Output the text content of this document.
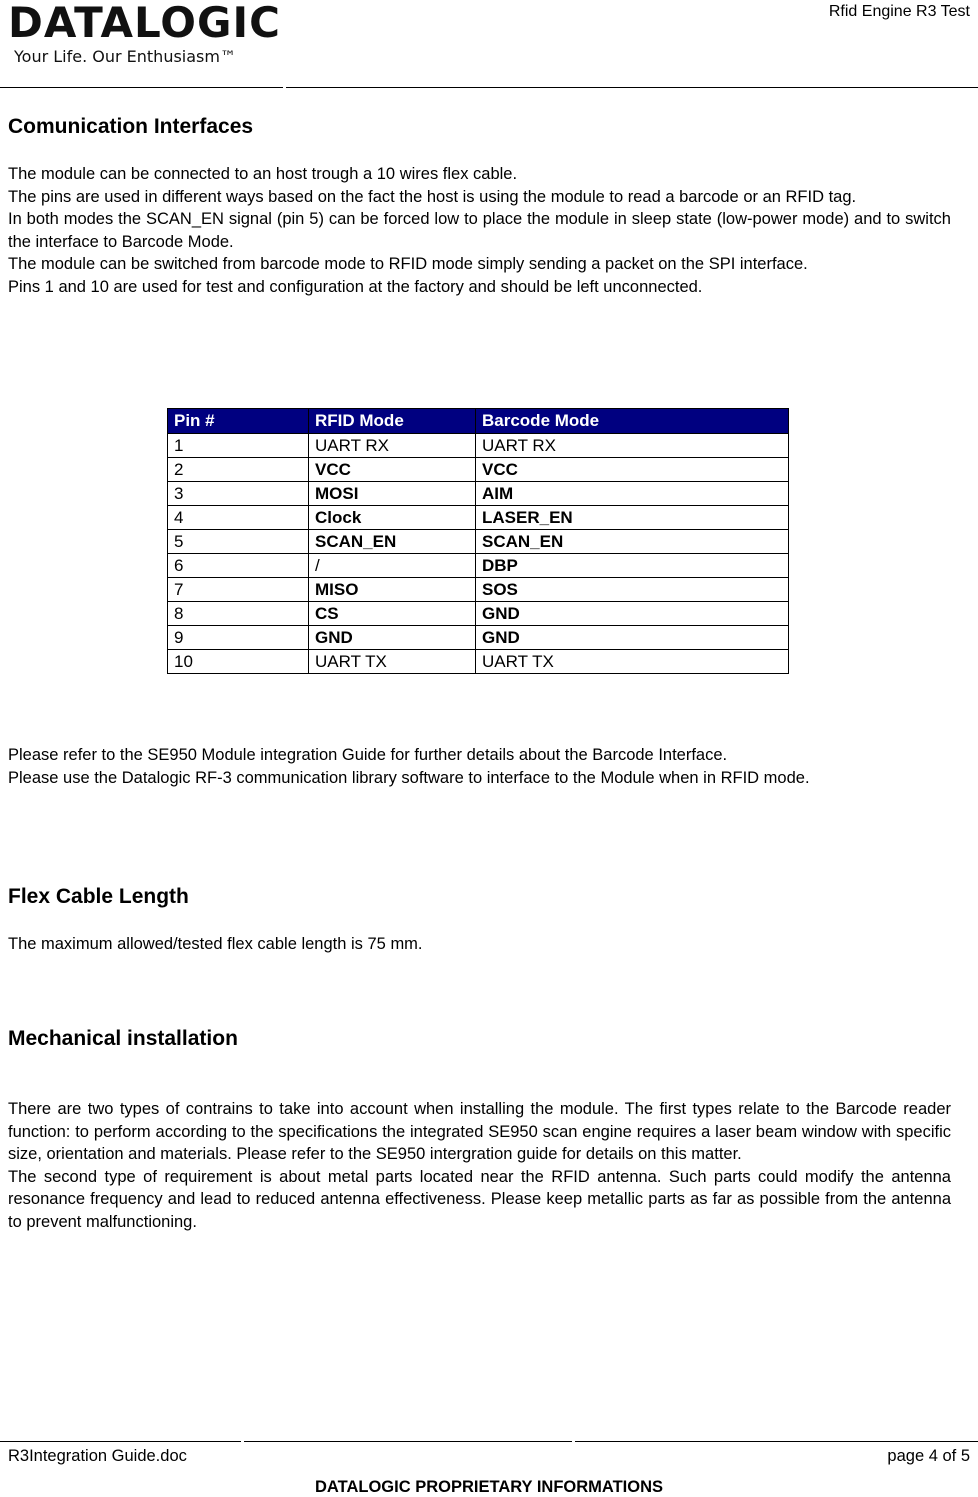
DATALOGIC
Your Life. Our Enthusiasm™
Rfid Engine R3 Test
Comunication Interfaces

The module can be connected to an host trough a 10 wires flex cable.

The pins are used in different ways based on the fact the host is using the module to read a barcode or an RFID tag.

In both modes the SCAN_EN signal (pin 5) can be forced low to place the module in sleep state (low-power mode) and to switch the interface to Barcode Mode.

The module can be switched from barcode mode to RFID mode simply sending a packet on the SPI interface.

Pins 1 and 10 are used for test and configuration at the factory and should be left unconnected.

Pin #	RFID Mode	Barcode Mode
1	UART RX	UART RX
2	VCC	VCC
3	MOSI	AIM
4	Clock	LASER_EN
5	SCAN_EN	SCAN_EN
6	/	DBP
7	MISO	SOS
8	CS	GND
9	GND	GND
10	UART TX	UART TX

Please refer to the SE950 Module integration Guide for further details about the Barcode Interface.

Please use the Datalogic RF-3 communication library software to interface to the Module when in RFID mode.

Flex Cable Length

The maximum allowed/tested flex cable length is 75 mm.

Mechanical installation

There are two types of contrains to take into account when installing the module. The first types relate to the Barcode reader function: to perform according to the specifications the integrated SE950 scan engine requires a laser beam window with specific size, orientation and materials. Please refer to the SE950 intergration guide for details on this matter.

The second type of requirement is about metal parts located near the RFID antenna. Such parts could modify the antenna resonance frequency and lead to reduced antenna effectiveness. Please keep metallic parts as far as possible from the antenna to prevent malfunctioning.

R3Integration Guide.doc	page 4 of 5
DATALOGIC PROPRIETARY INFORMATIONS
